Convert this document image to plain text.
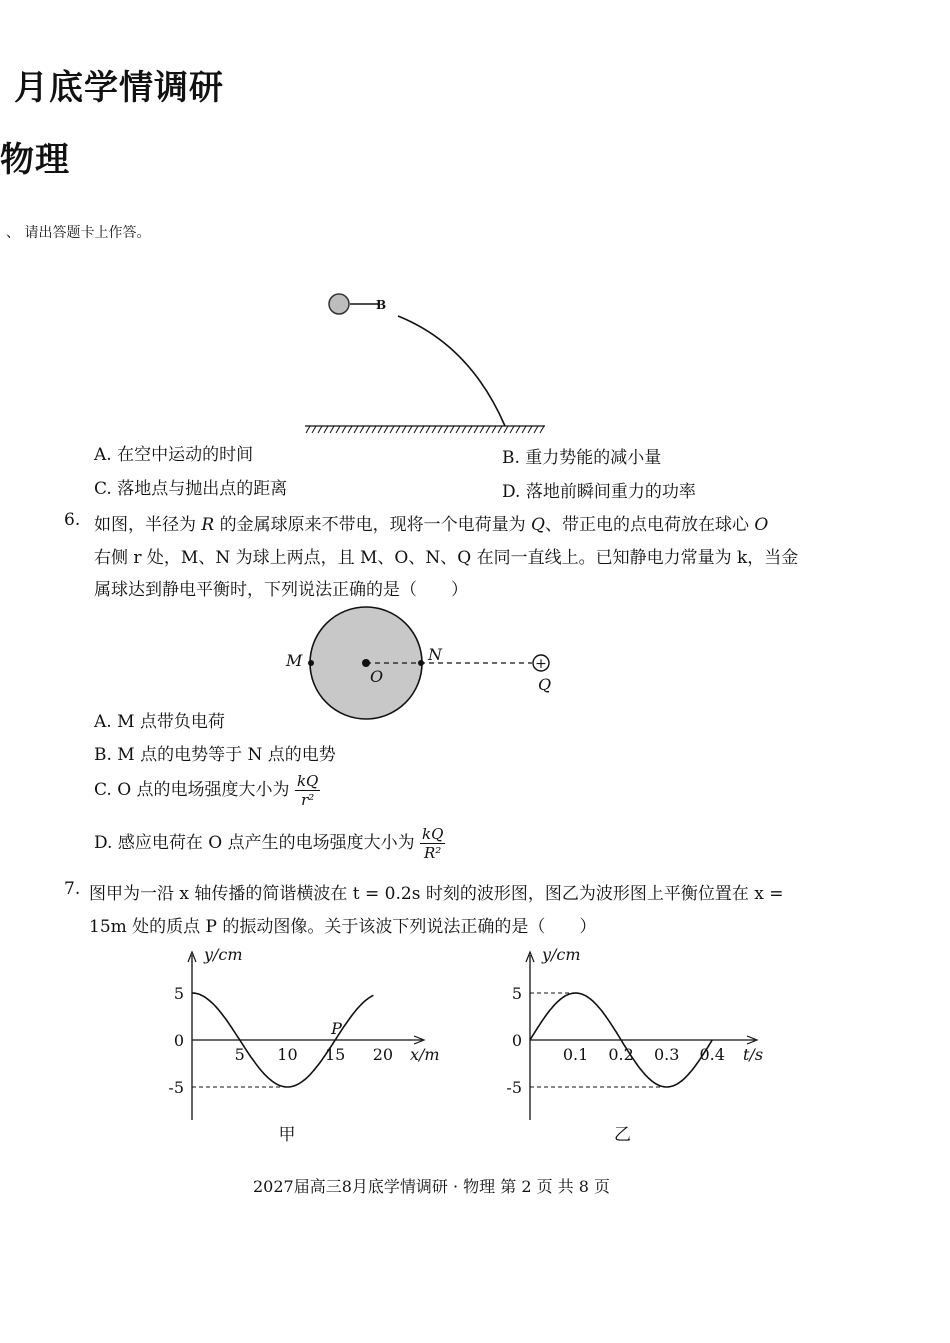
月底学情调研
物理
、 请出答题卡上作答。
B
A. 在空中运动的时间	B. 重力势能的减小量
C. 落地点与抛出点的距离	D. 落地前瞬间重力的功率
6. 如图，半径为 R 的金属球原来不带电，现将一个电荷量为 Q、带正电的点电荷放在球心 O
右侧 r 处，M、N 为球上两点，且 M、O、N、Q 在同一直线上。已知静电力常量为 k，当金
属球达到静电平衡时，下列说法正确的是（　　）
+
M
O
N
Q
A. M 点带负电荷
B. M 点的电势等于 N 点的电势
C. O 点的电场强度大小为 $\frac{kQ}{\text{r²}}$
D. 感应电荷在 O 点产生的电场强度大小为 $\frac{kQ}{\text{R²}}$
7. 图甲为一沿 x 轴传播的简谐横波在 t = 0.2s 时刻的波形图，图乙为波形图上平衡位置在 x =
15m 处的质点 P 的振动图像。关于该波下列说法正确的是（　　）
5
0
-5
5 10 15 20
y/cm
x/m
P
甲
5
0
-5
0.1 0.2 0.3 0.4
y/cm
t/s
乙
2027届高三8月底学情调研 · 物理 第 2 页 共 8 页
